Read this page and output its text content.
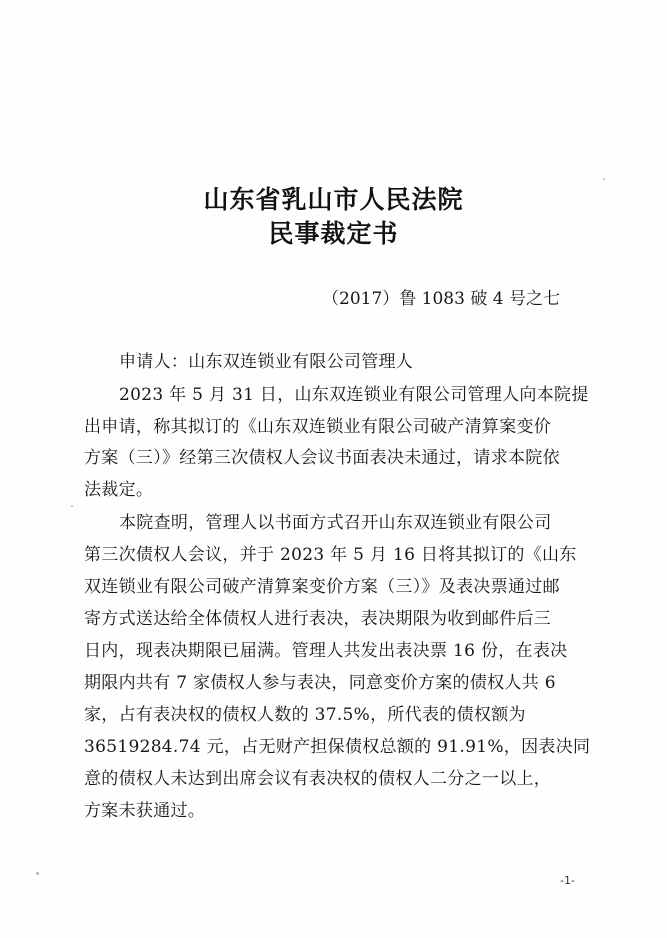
山东省乳山市人民法院
民事裁定书
（2017）鲁 1083 破 4 号之七
申请人：山东双连锁业有限公司管理人
2023 年 5 月 31 日，山东双连锁业有限公司管理人向本院提
出申请，称其拟订的《山东双连锁业有限公司破产清算案变价
方案（三）》经第三次债权人会议书面表决未通过，请求本院依
法裁定。
本院查明，管理人以书面方式召开山东双连锁业有限公司
第三次债权人会议，并于 2023 年 5 月 16 日将其拟订的《山东
双连锁业有限公司破产清算案变价方案（三）》及表决票通过邮
寄方式送达给全体债权人进行表决，表决期限为收到邮件后三
日内，现表决期限已届满。管理人共发出表决票 16 份，在表决
期限内共有 7 家债权人参与表决，同意变价方案的债权人共 6
家，占有表决权的债权人数的 37.5%，所代表的债权额为
36519284.74 元，占无财产担保债权总额的 91.91%，因表决同
意的债权人未达到出席会议有表决权的债权人二分之一以上，
方案未获通过。
-1-
